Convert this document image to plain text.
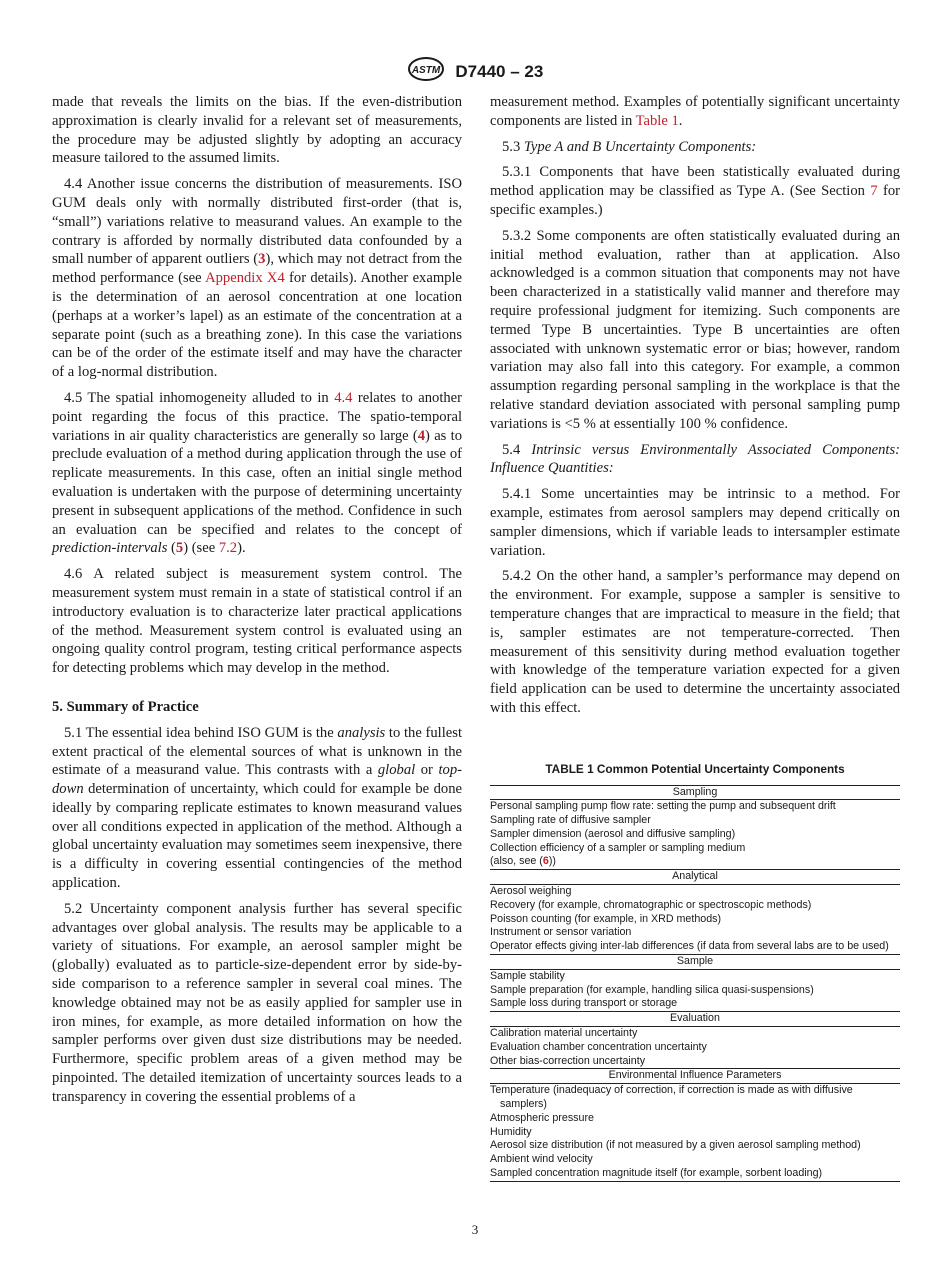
ASTM D7440 – 23

made that reveals the limits on the bias. If the even-distribution approximation is clearly invalid for a relevant set of measurements, the procedure may be adjusted slightly by adopting an accuracy measure tailored to the assumed limits.

4.4 Another issue concerns the distribution of measurements. ISO GUM deals only with normally distributed first-order (that is, “small”) variations relative to measurand values. An example to the contrary is afforded by normally distributed data confounded by a small number of apparent outliers (3), which may not detract from the method performance (see Appendix X4 for details). Another example is the determination of an aerosol concentration at one location (perhaps at a worker’s lapel) as an estimate of the concentration at a separate point (such as a breathing zone). In this case the variations can be of the order of the estimate itself and may have the character of a log-normal distribution.

4.5 The spatial inhomogeneity alluded to in 4.4 relates to another point regarding the focus of this practice. The spatio-temporal variations in air quality characteristics are generally so large (4) as to preclude evaluation of a method during application through the use of replicate measurements. In this case, often an initial single method evaluation is undertaken with the purpose of determining uncertainty present in subsequent applications of the method. Confidence in such an evaluation can be specified and relates to the concept of prediction-intervals (5) (see 7.2).

4.6 A related subject is measurement system control. The measurement system must remain in a state of statistical control if an introductory evaluation is to characterize later practical applications of the method. Measurement system control is evaluated using an ongoing quality control program, testing critical performance aspects for detecting problems which may develop in the method.

5. Summary of Practice

5.1 The essential idea behind ISO GUM is the analysis to the fullest extent practical of the elemental sources of what is unknown in the estimate of a measurand value. This contrasts with a global or top-down determination of uncertainty, which could for example be done ideally by comparing replicate estimates to known measurand values over all conditions expected in application of the method. Although a global uncertainty evaluation may sometimes seem inexpensive, there is a difficulty in covering essential contingencies of the method application.

5.2 Uncertainty component analysis further has several specific advantages over global analysis. The results may be applicable to a variety of situations. For example, an aerosol sampler might be (globally) evaluated as to particle-size-dependent error by side-by-side comparison to a reference sampler in several coal mines. The knowledge obtained may not be as easily applied for sampler use in iron mines, for example, as more detailed information on how the sampler performs over given dust size distributions may be needed. Furthermore, specific problem areas of a given method may be pinpointed. The detailed itemization of uncertainty sources leads to a transparency in covering the essential problems of a

measurement method. Examples of potentially significant uncertainty components are listed in Table 1.

5.3 Type A and B Uncertainty Components:

5.3.1 Components that have been statistically evaluated during method application may be classified as Type A. (See Section 7 for specific examples.)

5.3.2 Some components are often statistically evaluated during an initial method evaluation, rather than at application. Also acknowledged is a common situation that components may not have been characterized in a statistically valid manner and therefore may require professional judgment for itemizing. Such components are termed Type B uncertainties. Type B uncertainties are often associated with unknown systematic error or bias; however, random variation may also fall into this category. For example, a common assumption regarding personal sampling in the workplace is that the relative standard deviation associated with personal sampling pump variations is <5 % at essentially 100 % confidence.

5.4 Intrinsic versus Environmentally Associated Components: Influence Quantities:

5.4.1 Some uncertainties may be intrinsic to a method. For example, estimates from aerosol samplers may depend critically on sampler dimensions, which if variable leads to intersampler estimate variation.

5.4.2 On the other hand, a sampler’s performance may depend on the environment. For example, suppose a sampler is sensitive to temperature changes that are impractical to measure in the field; that is, sampler estimates are not temperature-corrected. Then measurement of this sensitivity during method evaluation together with knowledge of the temperature variation expected for a given field application can be used to determine the uncertainty associated with this effect.

TABLE 1 Common Potential Uncertainty Components
Sampling
Personal sampling pump flow rate: setting the pump and subsequent drift
Sampling rate of diffusive sampler
Sampler dimension (aerosol and diffusive sampling)
Collection efficiency of a sampler or sampling medium
(also, see (6))
Analytical
Aerosol weighing
Recovery (for example, chromatographic or spectroscopic methods)
Poisson counting (for example, in XRD methods)
Instrument or sensor variation
Operator effects giving inter-lab differences (if data from several labs are to be used)
Sample
Sample stability
Sample preparation (for example, handling silica quasi-suspensions)
Sample loss during transport or storage
Evaluation
Calibration material uncertainty
Evaluation chamber concentration uncertainty
Other bias-correction uncertainty
Environmental Influence Parameters
Temperature (inadequacy of correction, if correction is made as with diffusive samplers)
Atmospheric pressure
Humidity
Aerosol size distribution (if not measured by a given aerosol sampling method)
Ambient wind velocity
Sampled concentration magnitude itself (for example, sorbent loading)
3
